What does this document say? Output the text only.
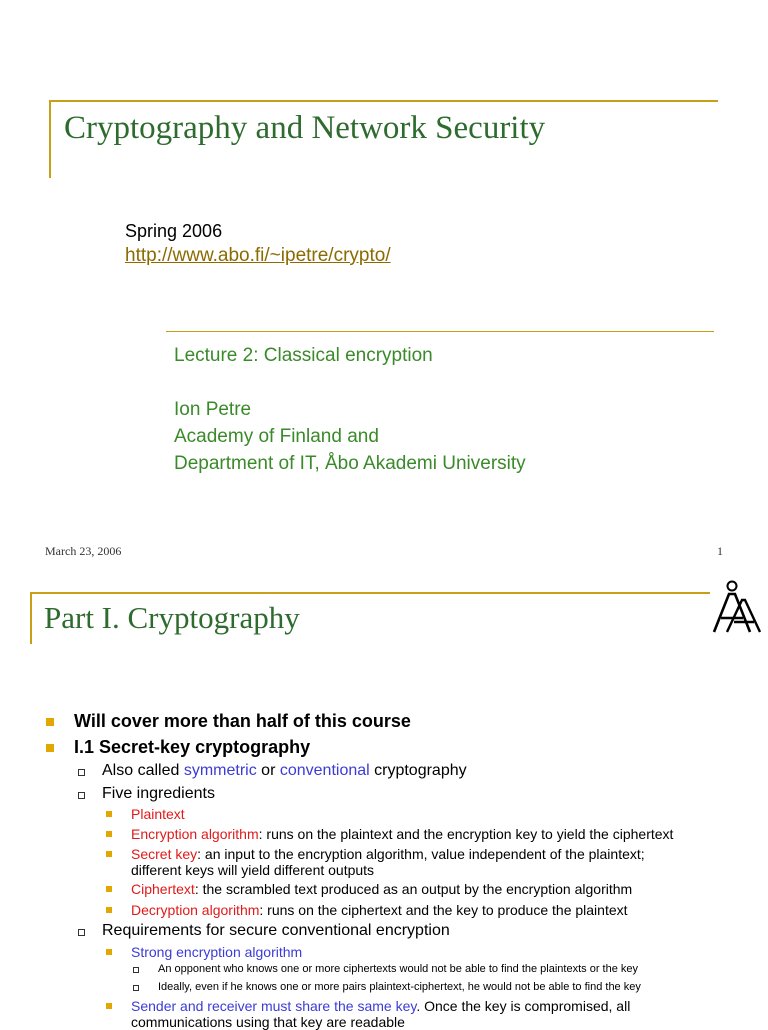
Cryptography and Network Security
Spring 2006
http://www.abo.fi/~ipetre/crypto/
Lecture 2: Classical encryption
Ion Petre
Academy of Finland and
Department of IT, Åbo Akademi University
March 23, 2006	1
Part I. Cryptography
Will cover more than half of this course
I.1 Secret-key cryptography
Also called symmetric or conventional cryptography
Five ingredients
Plaintext
Encryption algorithm: runs on the plaintext and the encryption key to yield the ciphertext
Secret key: an input to the encryption algorithm, value independent of the plaintext;
different keys will yield different outputs
Ciphertext: the scrambled text produced as an output by the encryption algorithm
Decryption algorithm: runs on the ciphertext and the key to produce the plaintext
Requirements for secure conventional encryption
Strong encryption algorithm
An opponent who knows one or more ciphertexts would not be able to find the plaintexts or the key
Ideally, even if he knows one or more pairs plaintext-ciphertext, he would not be able to find the key
Sender and receiver must share the same key. Once the key is compromised, all
communications using that key are readable
